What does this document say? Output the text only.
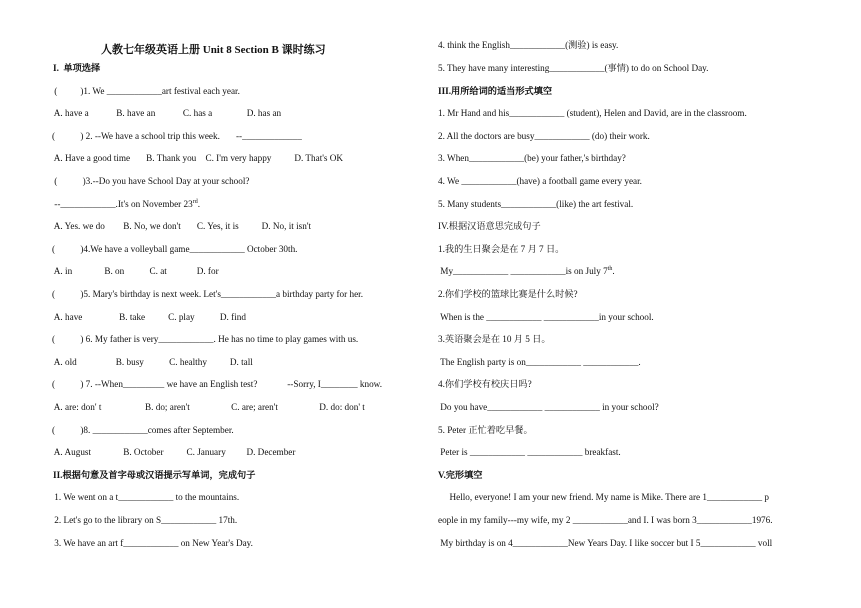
人教七年级英语上册 Unit 8 Section B 课时练习
I.  单项选择
(          )1. We ____________art festival each year.
A. have a            B. have an            C. has a               D. has an
(           ) 2. --We have a school trip this week.       --_____________
A. Have a good time       B. Thank you    C. I'm very happy          D. That's OK
(           )3.--Do you have School Day at your school?
--____________.It's on November 23rd.
A. Yes. we do        B. No, we don't       C. Yes, it is          D. No, it isn't
(           )4.We have a volleyball game____________ October 30th.
A. in              B. on           C. at             D. for
(           )5. Mary's birthday is next week. Let's____________a birthday party for her.
A. have                B. take          C. play           D. find
(           ) 6. My father is very____________. He has no time to play games with us.
A. old                 B. busy           C. healthy          D. tall
(           ) 7. --When_________ we have an English test?             --Sorry, I________ know.
A. are: don' t                   B. do; aren't                  C. are; aren't                  D. do: don' t
(           )8. ____________comes after September.
A. August              B. October          C. January         D. December
II.根据句意及首字母或汉语提示写单词，完成句子
1. We went on a t____________ to the mountains.
2. Let's go to the library on S____________ 17th.
3. We have an art f____________ on New Year's Day.
4. think the English____________(测验) is easy.
5. They have many interesting____________(事情) to do on School Day.
III.用所给词的适当形式填空
1. Mr Hand and his____________ (student), Helen and David, are in the classroom.
2. All the doctors are busy____________ (do) their work.
3. When____________(be) your father,'s birthday?
4. We ____________(have) a football game every year.
5. Many students____________(like) the art festival.
IV.根据汉语意思完成句子
1.我的生日聚会是在 7 月 7 日。
My____________ ____________is on July 7th.
2.你们学校的篮球比赛是什么时候?
When is the ____________ ____________in your school.
3.英语聚会是在 10 月 5 日。
The English party is on____________ ____________.
4.你们学校有校庆日吗?
Do you have____________ ____________ in your school?
5. Peter 正忙着吃早餐。
Peter is ____________ ____________ breakfast.
V.完形填空
Hello, everyone! I am your new friend. My name is Mike. There are 1____________ p
eople in my family---my wife, my 2 ____________and I. I was born 3____________1976.
My birthday is on 4____________New Years Day. I like soccer but I 5____________ voll
